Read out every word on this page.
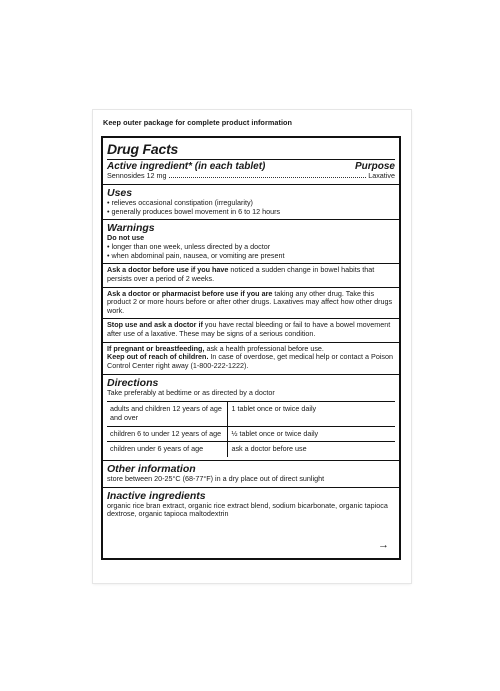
Keep outer package for complete product information
Drug Facts
Active ingredient* (in each tablet)	Purpose
Sennosides 12 mg	Laxative
Uses

• relieves occasional constipation (irregularity)

• generally produces bowel movement in 6 to 12 hours

Warnings

Do not use

• longer than one week, unless directed by a doctor

• when abdominal pain, nausea, or vomiting are present

Ask a doctor before use if you have noticed a sudden change in bowel habits that persists over a period of 2 weeks.

Ask a doctor or pharmacist before use if you are taking any other drug. Take this product 2 or more hours before or after other drugs. Laxatives may affect how other drugs work.

Stop use and ask a doctor if you have rectal bleeding or fail to have a bowel movement after use of a laxative. These may be signs of a serious condition.

If pregnant or breastfeeding, ask a health professional before use.

Keep out of reach of children. In case of overdose, get medical help or contact a Poison Control Center right away (1-800-222-1222).

Directions

Take preferably at bedtime or as directed by a doctor

adults and children 12 years of age and over	1 tablet once or twice daily
children 6 to under 12 years of age	½ tablet once or twice daily
children under 6 years of age	ask a doctor before use
Other information

store between 20-25°C (68-77°F) in a dry place out of direct sunlight

Inactive ingredients

organic rice bran extract, organic rice extract blend, sodium bicarbonate, organic tapioca dextrose, organic tapioca maltodextrin

→
